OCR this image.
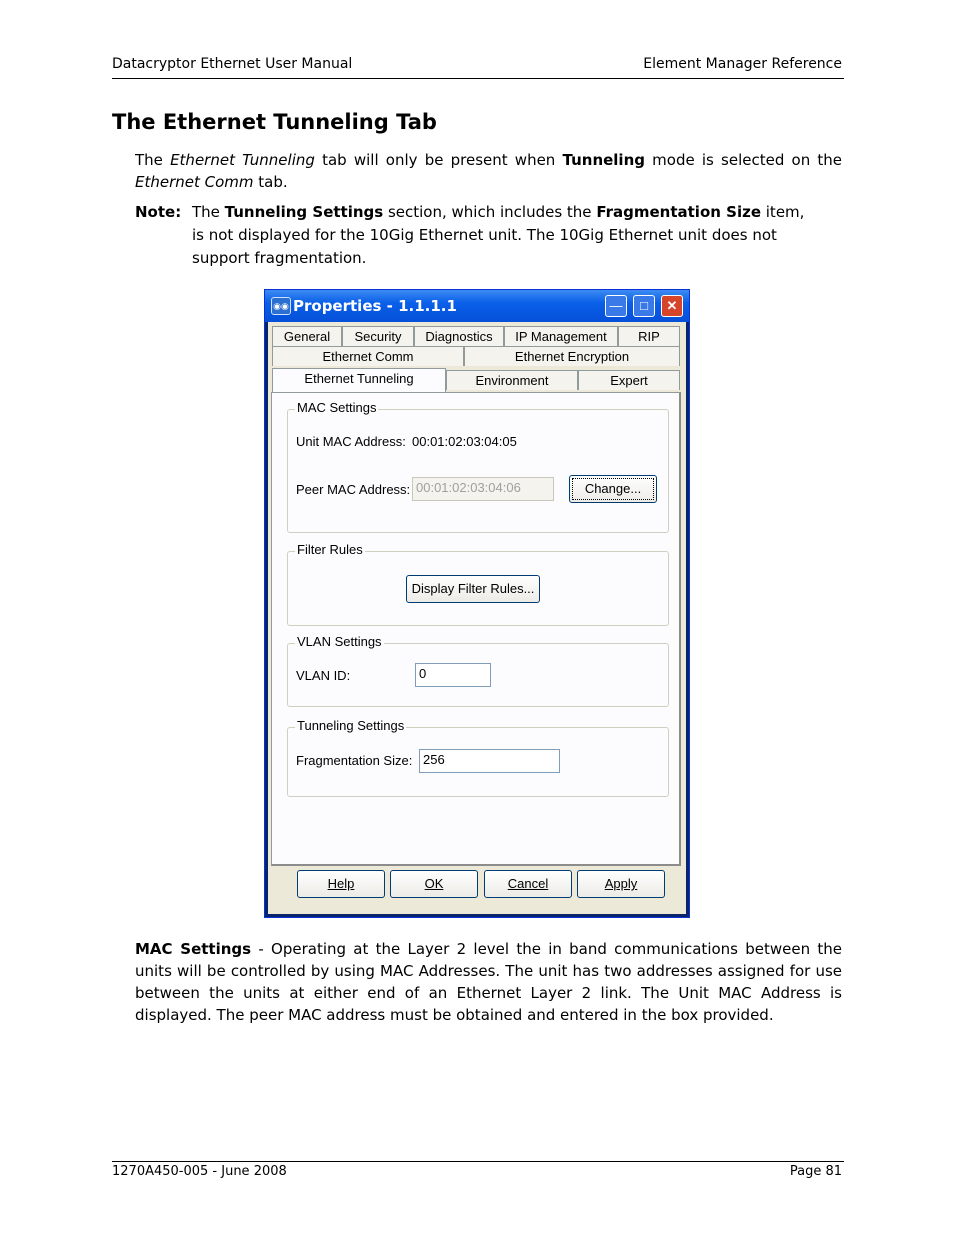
Datacryptor Ethernet User Manual	Element Manager Reference
The Ethernet Tunneling Tab
The Ethernet Tunneling tab will only be present when Tunneling mode is selected on the Ethernet Comm tab.
Note: The Tunneling Settings section, which includes the Fragmentation Size item, is not displayed for the 10Gig Ethernet unit. The 10Gig Ethernet unit does not support fragmentation.
◉◉ Properties - 1.1.1.1	—	□	✕
General	Security	Diagnostics	IP Management	RIP
Ethernet Comm	Ethernet Encryption
Ethernet Tunneling	Environment	Expert
MAC Settings
Unit MAC Address: 00:01:02:03:04:05
Peer MAC Address: 00:01:02:03:04:06	Change...
Filter Rules
Display Filter Rules...
VLAN Settings
VLAN ID:	0
Tunneling Settings
Fragmentation Size: 256
Help	OK	Cancel	Apply
MAC Settings - Operating at the Layer 2 level the in band communications between the units will be controlled by using MAC Addresses. The unit has two addresses assigned for use between the units at either end of an Ethernet Layer 2 link. The Unit MAC Address is displayed. The peer MAC address must be obtained and entered in the box provided.
1270A450-005 - June 2008	Page 81
